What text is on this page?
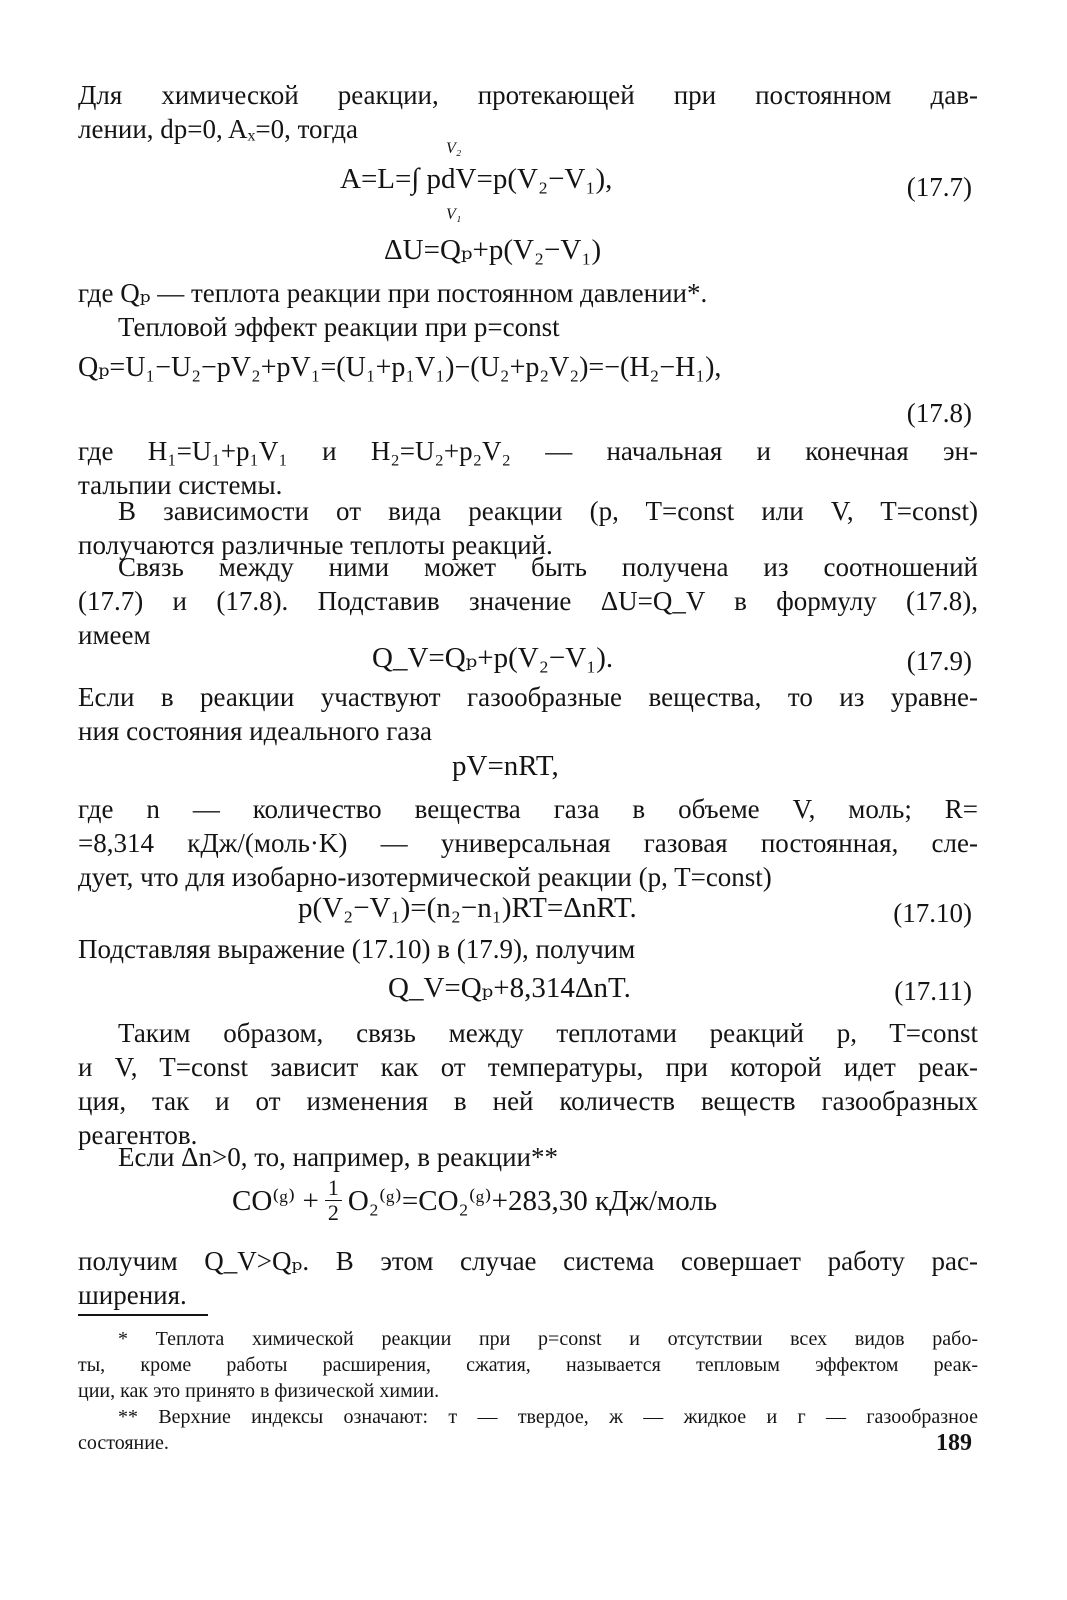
Для химической реакции, протекающей при постоянном дав-
лении, dp=0, Aₓ=0, тогда

V₂

A=L=∫ pdV=p(V₂−V₁),

V₁

(17.7)

ΔU=Qₚ+p(V₂−V₁)

где Qₚ — теплота реакции при постоянном давлении*.
Тепловой эффект реакции при p=const

Qₚ=U₁−U₂−pV₂+pV₁=(U₁+p₁V₁)−(U₂+p₂V₂)=−(H₂−H₁),

(17.8)

где H₁=U₁+p₁V₁ и H₂=U₂+p₂V₂ — начальная и конечная эн-
тальпии системы.

В зависимости от вида реакции (p, T=const или V, T=const)
получаются различные теплоты реакций.

Связь между ними может быть получена из соотношений
(17.7) и (17.8). Подставив значение ΔU=Q_V в формулу (17.8),
имеем

Q_V=Qₚ+p(V₂−V₁).	(17.9)

Если в реакции участвуют газообразные вещества, то из уравне-
ния состояния идеального газа

pV=nRT,

где n — количество вещества газа в объеме V, моль; R=
=8,314 кДж/(моль·K) — универсальная газовая постоянная, сле-
дует, что для изобарно-изотермической реакции (p, T=const)

p(V₂−V₁)=(n₂−n₁)RT=ΔnRT.	(17.10)

Подставляя выражение (17.10) в (17.9), получим

Q_V=Qₚ+8,314ΔnT.	(17.11)

Таким образом, связь между теплотами реакций p, T=const
и V, T=const зависит как от температуры, при которой идет реак-
ция, так и от изменения в ней количеств веществ газообразных
реагентов.

Если Δn>0, то, например, в реакции**

CO⁽ᵍ⁾ + $\frac{1}{2}$ O₂⁽ᵍ⁾=CO₂⁽ᵍ⁾+283,30 кДж/моль

получим Q_V>Qₚ. В этом случае система совершает работу рас-
ширения.

* Теплота химической реакции при p=const и отсутствии всех видов рабо-
ты, кроме работы расширения, сжатия, называется тепловым эффектом реак-
ции, как это принято в физической химии.

** Верхние индексы означают: т — твердое, ж — жидкое и г — газообразное
состояние.	189
